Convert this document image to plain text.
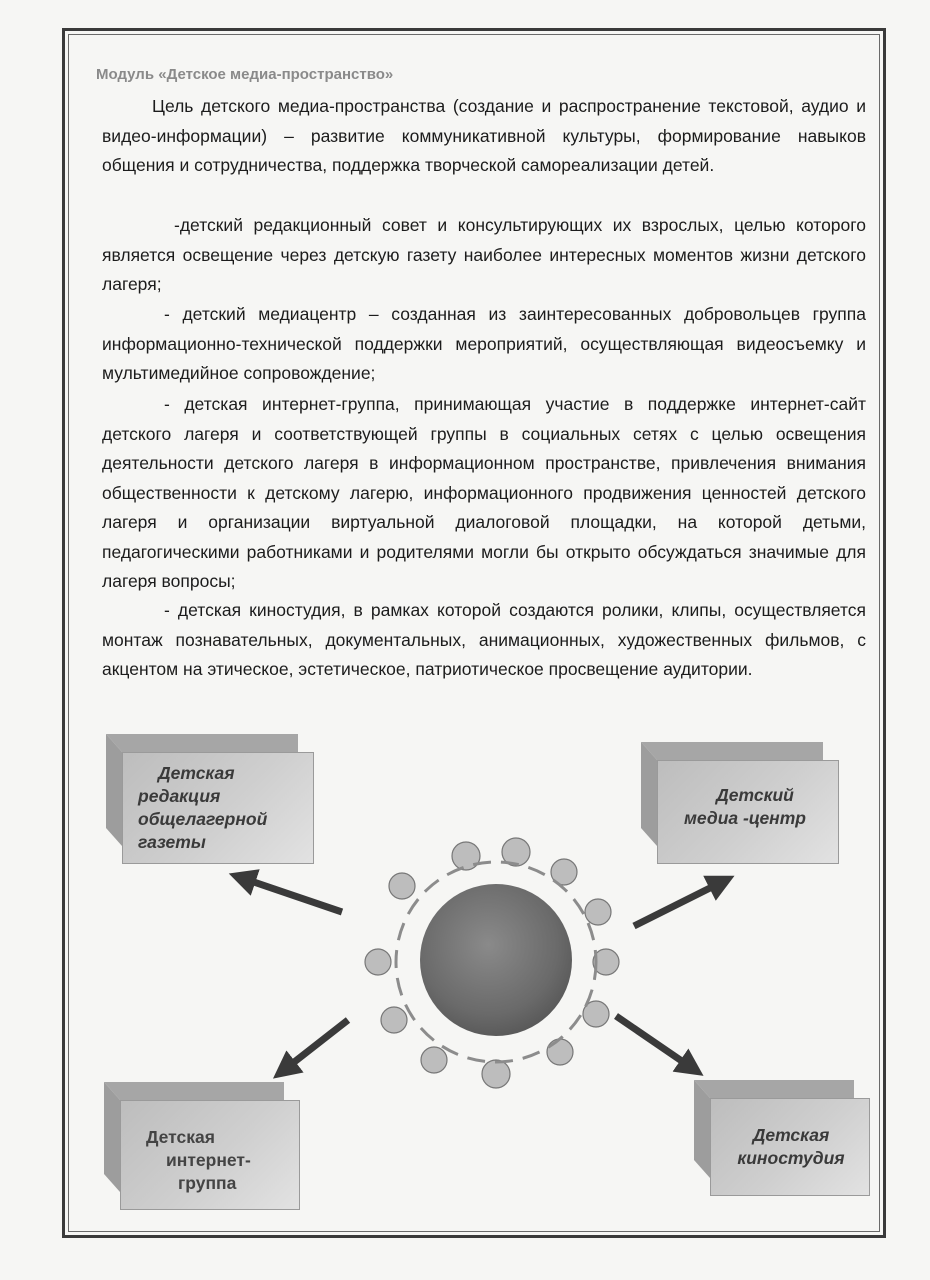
Модуль «Детское медиа-пространство»
Цель детского медиа-пространства (создание и распространение текстовой, аудио и видео-информации) – развитие коммуникативной культуры, формирование навыков общения и сотрудничества, поддержка творческой самореализации детей.
-детский редакционный совет и консультирующих их взрослых, целью которого является освещение через детскую газету наиболее интересных моментов жизни детского лагеря;
- детский медиацентр – созданная из заинтересованных добровольцев группа информационно-технической поддержки мероприятий, осуществляющая видеосъемку и мультимедийное сопровождение;
- детская интернет-группа, принимающая участие в поддержке интернет-сайт детского лагеря и соответствующей группы в социальных сетях с целью освещения деятельности детского лагеря в информационном пространстве, привлечения внимания общественности к детскому лагерю, информационного продвижения ценностей детского лагеря и организации виртуальной диалоговой площадки, на которой детьми, педагогическими работниками и родителями могли бы открыто обсуждаться значимые для лагеря вопросы;
- детская киностудия, в рамках которой создаются ролики, клипы, осуществляется монтаж познавательных, документальных, анимационных, художественных фильмов, с акцентом на этическое, эстетическое, патриотическое просвещение аудитории.
Детская
редакция
общелагерной
газеты
Детский
медиа -центр
Детская
интернет-
группа
Детская
киностудия
